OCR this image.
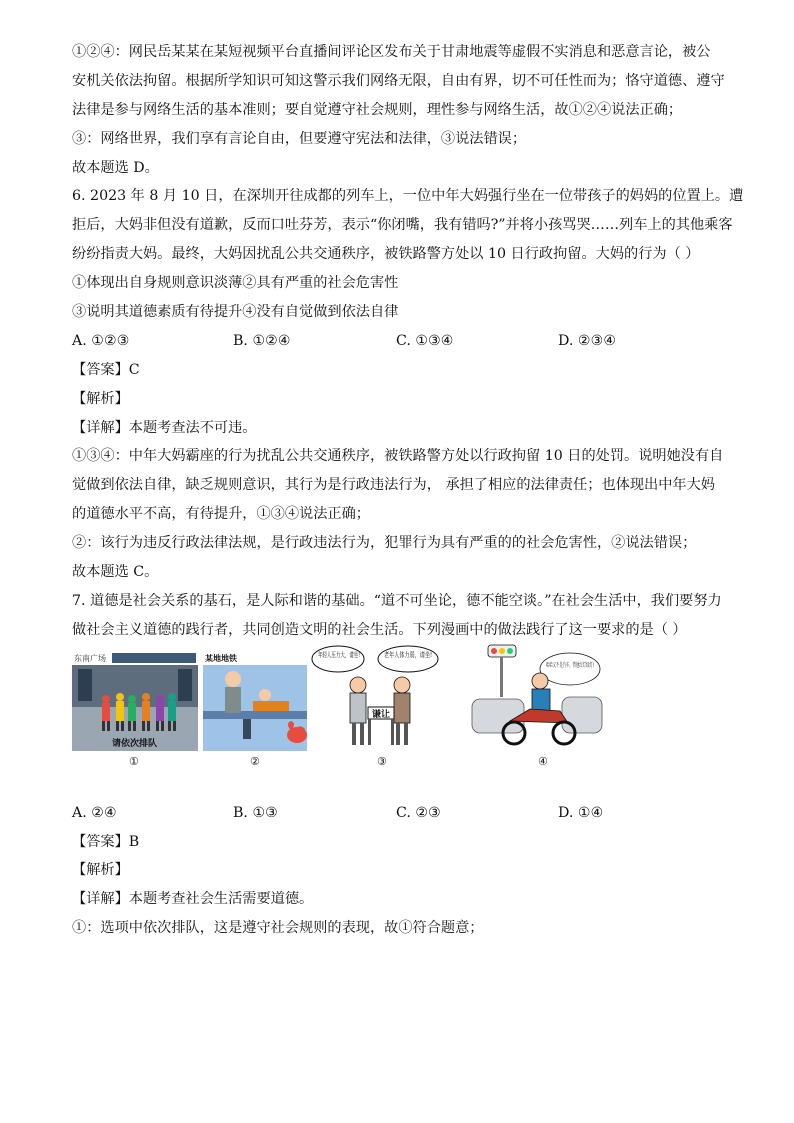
①②④：网民岳某某在某短视频平台直播间评论区发布关于甘肃地震等虚假不实消息和恶意言论，被公
安机关依法拘留。根据所学知识可知这警示我们网络无限，自由有界，切不可任性而为；恪守道德、遵守
法律是参与网络生活的基本准则；要自觉遵守社会规则，理性参与网络生活，故①②④说法正确；
③：网络世界，我们享有言论自由，但要遵守宪法和法律，③说法错误；
故本题选 D。
6. 2023 年 8 月 10 日，在深圳开往成都的列车上，一位中年大妈强行坐在一位带孩子的妈妈的位置上。遭
拒后，大妈非但没有道歉，反而口吐芬芳，表示“你闭嘴，我有错吗?”并将小孩骂哭……列车上的其他乘客
纷纷指责大妈。最终，大妈因扰乱公共交通秩序，被铁路警方处以 10 日行政拘留。大妈的行为（ ）
①体现出自身规则意识淡薄②具有严重的社会危害性
③说明其道德素质有待提升④没有自觉做到依法自律
A. ①②③	B. ①②④	C. ①③④	D. ②③④
【答案】C
【解析】
【详解】本题考查法不可违。
①③④：中年大妈霸座的行为扰乱公共交通秩序，被铁路警方处以行政拘留 10 日的处罚。说明她没有自
觉做到依法自律，缺乏规则意识，其行为是行政违法行为， 承担了相应的法律责任；也体现出中年大妈
的道德水平不高，有待提升，①③④说法正确；
②：该行为违反行政法律法规，是行政违法行为，犯罪行为具有严重的的社会危害性，②说法错误；
故本题选 C。
7. 道德是社会关系的基石，是人际和谐的基础。“道不可坐论，德不能空谈。”在社会生活中，我们要努力
做社会主义道德的践行者，共同创造文明的社会生活。下列漫画中的做法践行了这一要求的是（ ）
东南广场
请依次排队
①
某地地铁
②
年轻人压力大，请坐! 老年人体力弱，请坐!
谦让
③
哈哈又不是汽车，管他红灯绿灯!
④
A. ②④	B. ①③	C. ②③	D. ①④
【答案】B
【解析】
【详解】本题考查社会生活需要道德。
①：选项中依次排队，这是遵守社会规则的表现，故①符合题意；
